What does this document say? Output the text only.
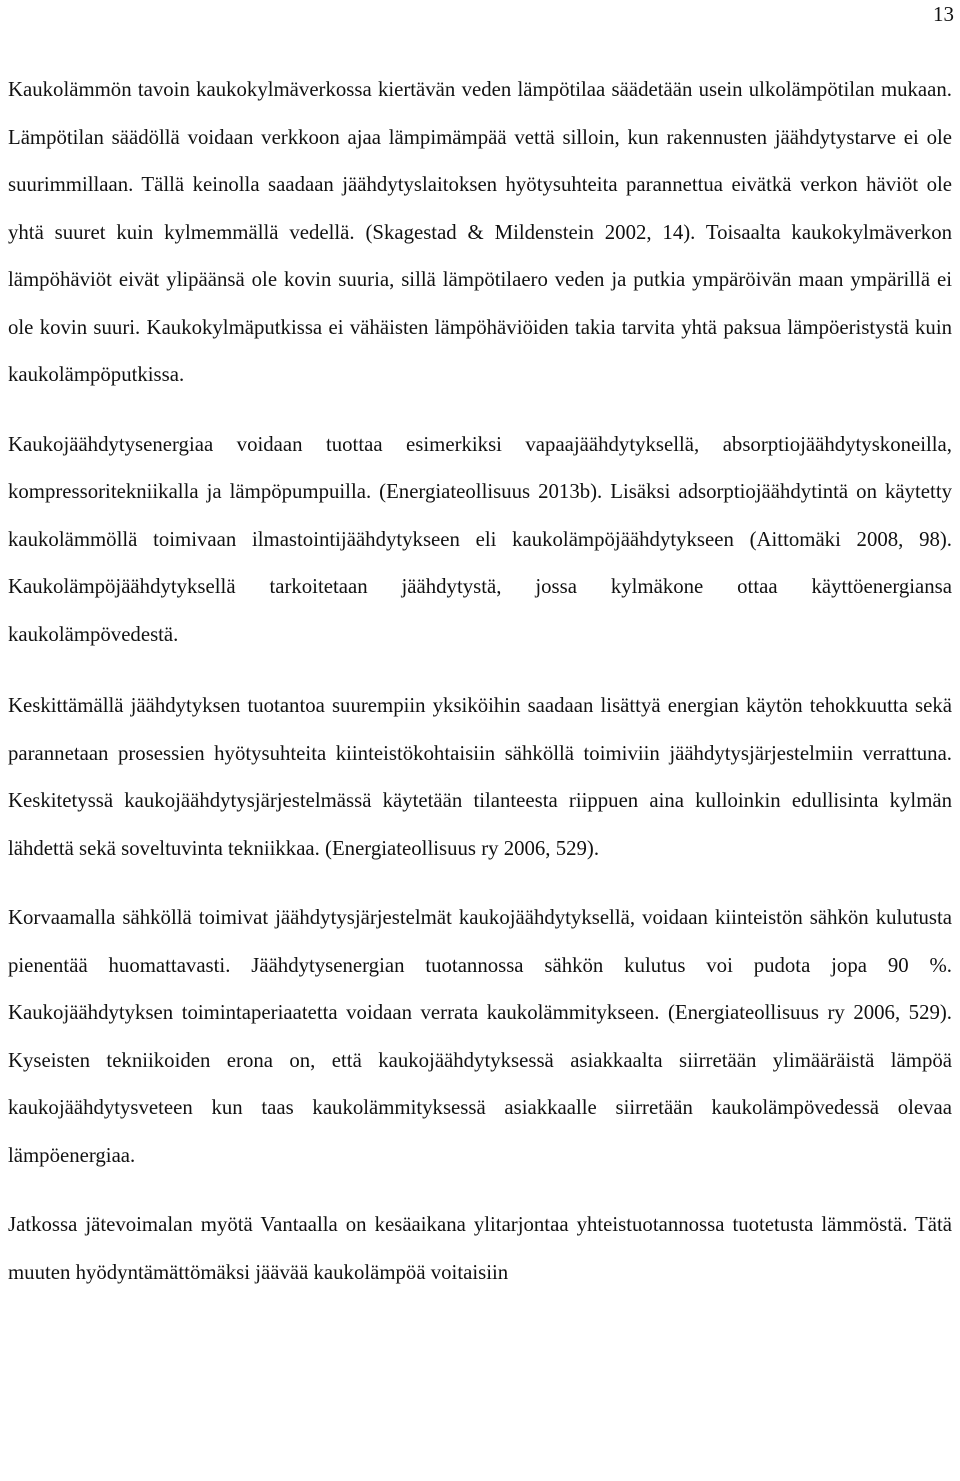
13

Kaukolämmön tavoin kaukokylmäverkossa kiertävän veden lämpötilaa säädetään usein ulkolämpötilan mukaan. Lämpötilan säädöllä voidaan verkkoon ajaa lämpimämpää vettä silloin, kun rakennusten jäähdytystarve ei ole suurimmillaan. Tällä keinolla saadaan jäähdytyslaitoksen hyötysuhteita parannettua eivätkä verkon häviöt ole yhtä suuret kuin kylmemmällä vedellä. (Skagestad & Mildenstein 2002, 14). Toisaalta kaukokylmäverkon lämpöhäviöt eivät ylipäänsä ole kovin suuria, sillä lämpötilaero veden ja putkia ympäröivän maan ympärillä ei ole kovin suuri. Kaukokylmäputkissa ei vähäisten lämpöhäviöiden takia tarvita yhtä paksua lämpöeristystä kuin kaukolämpöputkissa.

Kaukojäähdytysenergiaa voidaan tuottaa esimerkiksi vapaajäähdytyksellä, absorptiojäähdytyskoneilla, kompressoritekniikalla ja lämpöpumpuilla. (Energiateollisuus 2013b). Lisäksi adsorptiojäähdytintä on käytetty kaukolämmöllä toimivaan ilmastointijäähdytykseen eli kaukolämpöjäähdytykseen (Aittomäki 2008, 98). Kaukolämpöjäähdytyksellä tarkoitetaan jäähdytystä, jossa kylmäkone ottaa käyttöenergiansa kaukolämpövedestä.

Keskittämällä jäähdytyksen tuotantoa suurempiin yksiköihin saadaan lisättyä energian käytön tehokkuutta sekä parannetaan prosessien hyötysuhteita kiinteistökohtaisiin sähköllä toimiviin jäähdytysjärjestelmiin verrattuna. Keskitetyssä kaukojäähdytysjärjestelmässä käytetään tilanteesta riippuen aina kulloinkin edullisinta kylmän lähdettä sekä soveltuvinta tekniikkaa. (Energiateollisuus ry 2006, 529).

Korvaamalla sähköllä toimivat jäähdytysjärjestelmät kaukojäähdytyksellä, voidaan kiinteistön sähkön kulutusta pienentää huomattavasti. Jäähdytysenergian tuotannossa sähkön kulutus voi pudota jopa 90 %. Kaukojäähdytyksen toimintaperiaatetta voidaan verrata kaukolämmitykseen. (Energiateollisuus ry 2006, 529). Kyseisten tekniikoiden erona on, että kaukojäähdytyksessä asiakkaalta siirretään ylimääräistä lämpöä kaukojäähdytysveteen kun taas kaukolämmityksessä asiakkaalle siirretään kaukolämpövedessä olevaa lämpöenergiaa.

Jatkossa jätevoimalan myötä Vantaalla on kesäaikana ylitarjontaa yhteistuotannossa tuotetusta lämmöstä. Tätä muuten hyödyntämättömäksi jäävää kaukolämpöä voitaisiin
